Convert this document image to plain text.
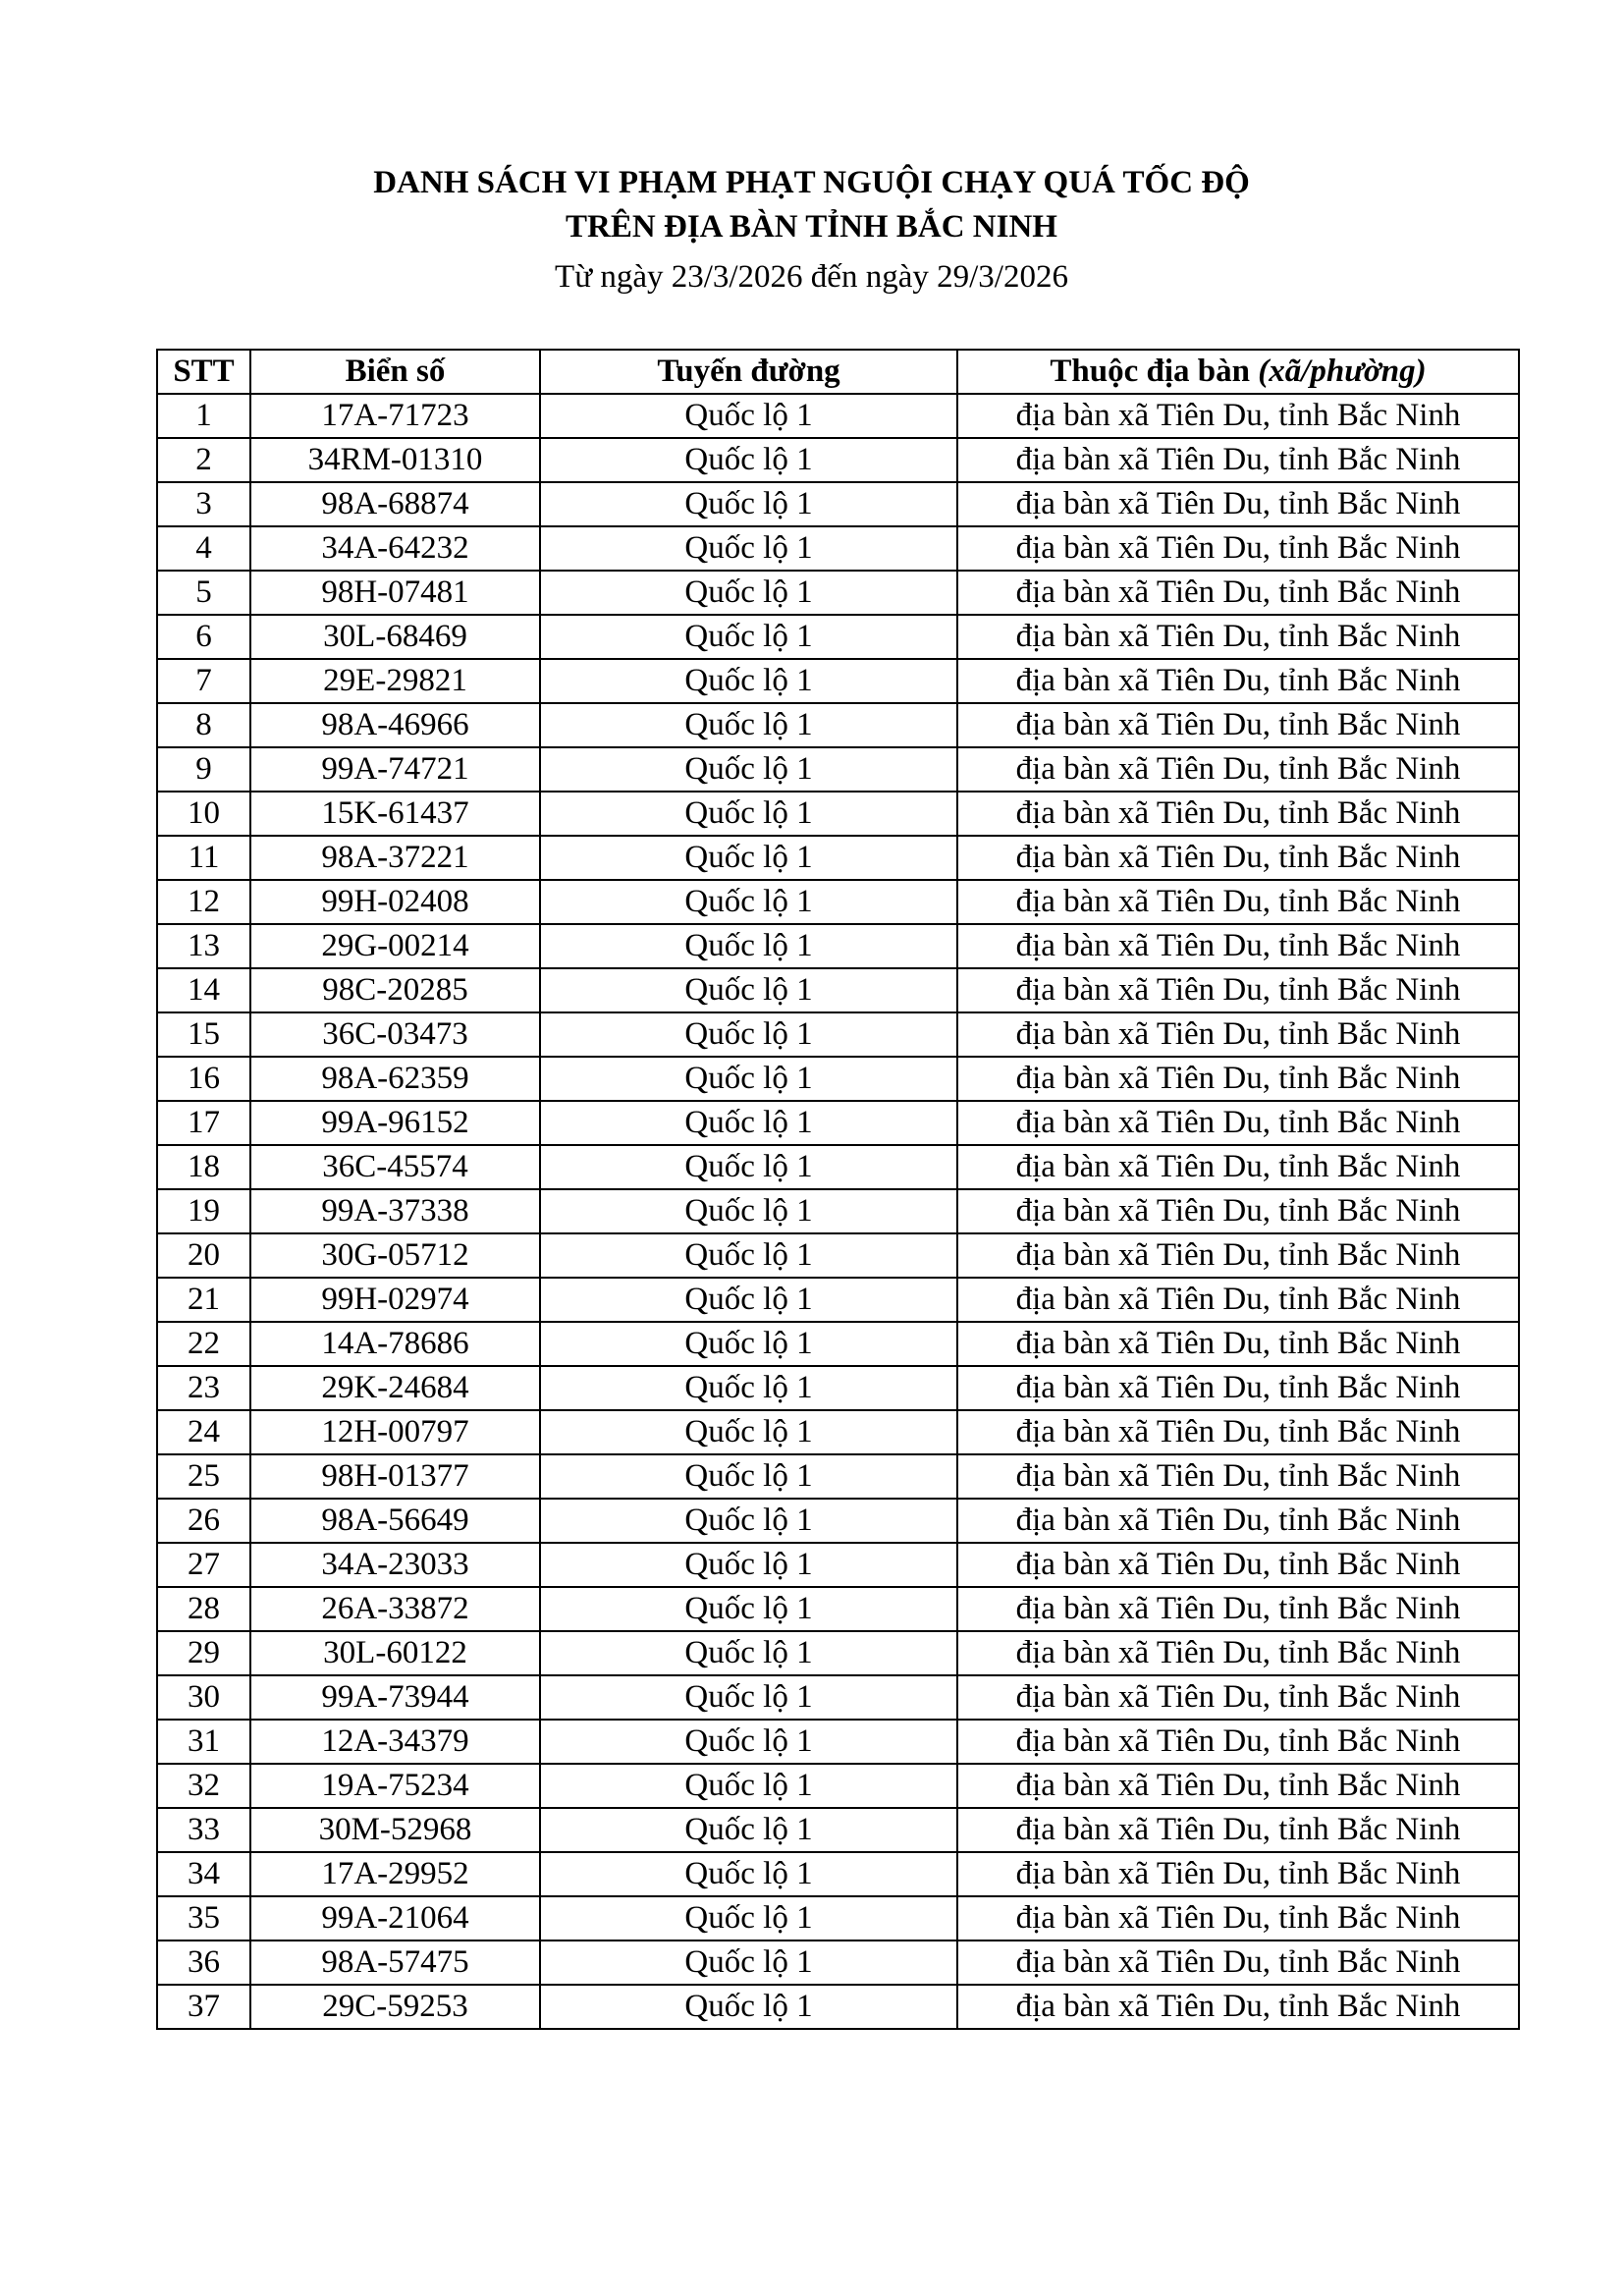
DANH SÁCH VI PHẠM PHẠT NGUỘI CHẠY QUÁ TỐC ĐỘ
TRÊN ĐỊA BÀN TỈNH BẮC NINH

Từ ngày 23/3/2026 đến ngày 29/3/2026

STT	Biển số	Tuyến đường	Thuộc địa bàn (xã/phường)
1	17A-71723	Quốc lộ 1	địa bàn xã Tiên Du, tỉnh Bắc Ninh
2	34RM-01310	Quốc lộ 1	địa bàn xã Tiên Du, tỉnh Bắc Ninh
3	98A-68874	Quốc lộ 1	địa bàn xã Tiên Du, tỉnh Bắc Ninh
4	34A-64232	Quốc lộ 1	địa bàn xã Tiên Du, tỉnh Bắc Ninh
5	98H-07481	Quốc lộ 1	địa bàn xã Tiên Du, tỉnh Bắc Ninh
6	30L-68469	Quốc lộ 1	địa bàn xã Tiên Du, tỉnh Bắc Ninh
7	29E-29821	Quốc lộ 1	địa bàn xã Tiên Du, tỉnh Bắc Ninh
8	98A-46966	Quốc lộ 1	địa bàn xã Tiên Du, tỉnh Bắc Ninh
9	99A-74721	Quốc lộ 1	địa bàn xã Tiên Du, tỉnh Bắc Ninh
10	15K-61437	Quốc lộ 1	địa bàn xã Tiên Du, tỉnh Bắc Ninh
11	98A-37221	Quốc lộ 1	địa bàn xã Tiên Du, tỉnh Bắc Ninh
12	99H-02408	Quốc lộ 1	địa bàn xã Tiên Du, tỉnh Bắc Ninh
13	29G-00214	Quốc lộ 1	địa bàn xã Tiên Du, tỉnh Bắc Ninh
14	98C-20285	Quốc lộ 1	địa bàn xã Tiên Du, tỉnh Bắc Ninh
15	36C-03473	Quốc lộ 1	địa bàn xã Tiên Du, tỉnh Bắc Ninh
16	98A-62359	Quốc lộ 1	địa bàn xã Tiên Du, tỉnh Bắc Ninh
17	99A-96152	Quốc lộ 1	địa bàn xã Tiên Du, tỉnh Bắc Ninh
18	36C-45574	Quốc lộ 1	địa bàn xã Tiên Du, tỉnh Bắc Ninh
19	99A-37338	Quốc lộ 1	địa bàn xã Tiên Du, tỉnh Bắc Ninh
20	30G-05712	Quốc lộ 1	địa bàn xã Tiên Du, tỉnh Bắc Ninh
21	99H-02974	Quốc lộ 1	địa bàn xã Tiên Du, tỉnh Bắc Ninh
22	14A-78686	Quốc lộ 1	địa bàn xã Tiên Du, tỉnh Bắc Ninh
23	29K-24684	Quốc lộ 1	địa bàn xã Tiên Du, tỉnh Bắc Ninh
24	12H-00797	Quốc lộ 1	địa bàn xã Tiên Du, tỉnh Bắc Ninh
25	98H-01377	Quốc lộ 1	địa bàn xã Tiên Du, tỉnh Bắc Ninh
26	98A-56649	Quốc lộ 1	địa bàn xã Tiên Du, tỉnh Bắc Ninh
27	34A-23033	Quốc lộ 1	địa bàn xã Tiên Du, tỉnh Bắc Ninh
28	26A-33872	Quốc lộ 1	địa bàn xã Tiên Du, tỉnh Bắc Ninh
29	30L-60122	Quốc lộ 1	địa bàn xã Tiên Du, tỉnh Bắc Ninh
30	99A-73944	Quốc lộ 1	địa bàn xã Tiên Du, tỉnh Bắc Ninh
31	12A-34379	Quốc lộ 1	địa bàn xã Tiên Du, tỉnh Bắc Ninh
32	19A-75234	Quốc lộ 1	địa bàn xã Tiên Du, tỉnh Bắc Ninh
33	30M-52968	Quốc lộ 1	địa bàn xã Tiên Du, tỉnh Bắc Ninh
34	17A-29952	Quốc lộ 1	địa bàn xã Tiên Du, tỉnh Bắc Ninh
35	99A-21064	Quốc lộ 1	địa bàn xã Tiên Du, tỉnh Bắc Ninh
36	98A-57475	Quốc lộ 1	địa bàn xã Tiên Du, tỉnh Bắc Ninh
37	29C-59253	Quốc lộ 1	địa bàn xã Tiên Du, tỉnh Bắc Ninh
